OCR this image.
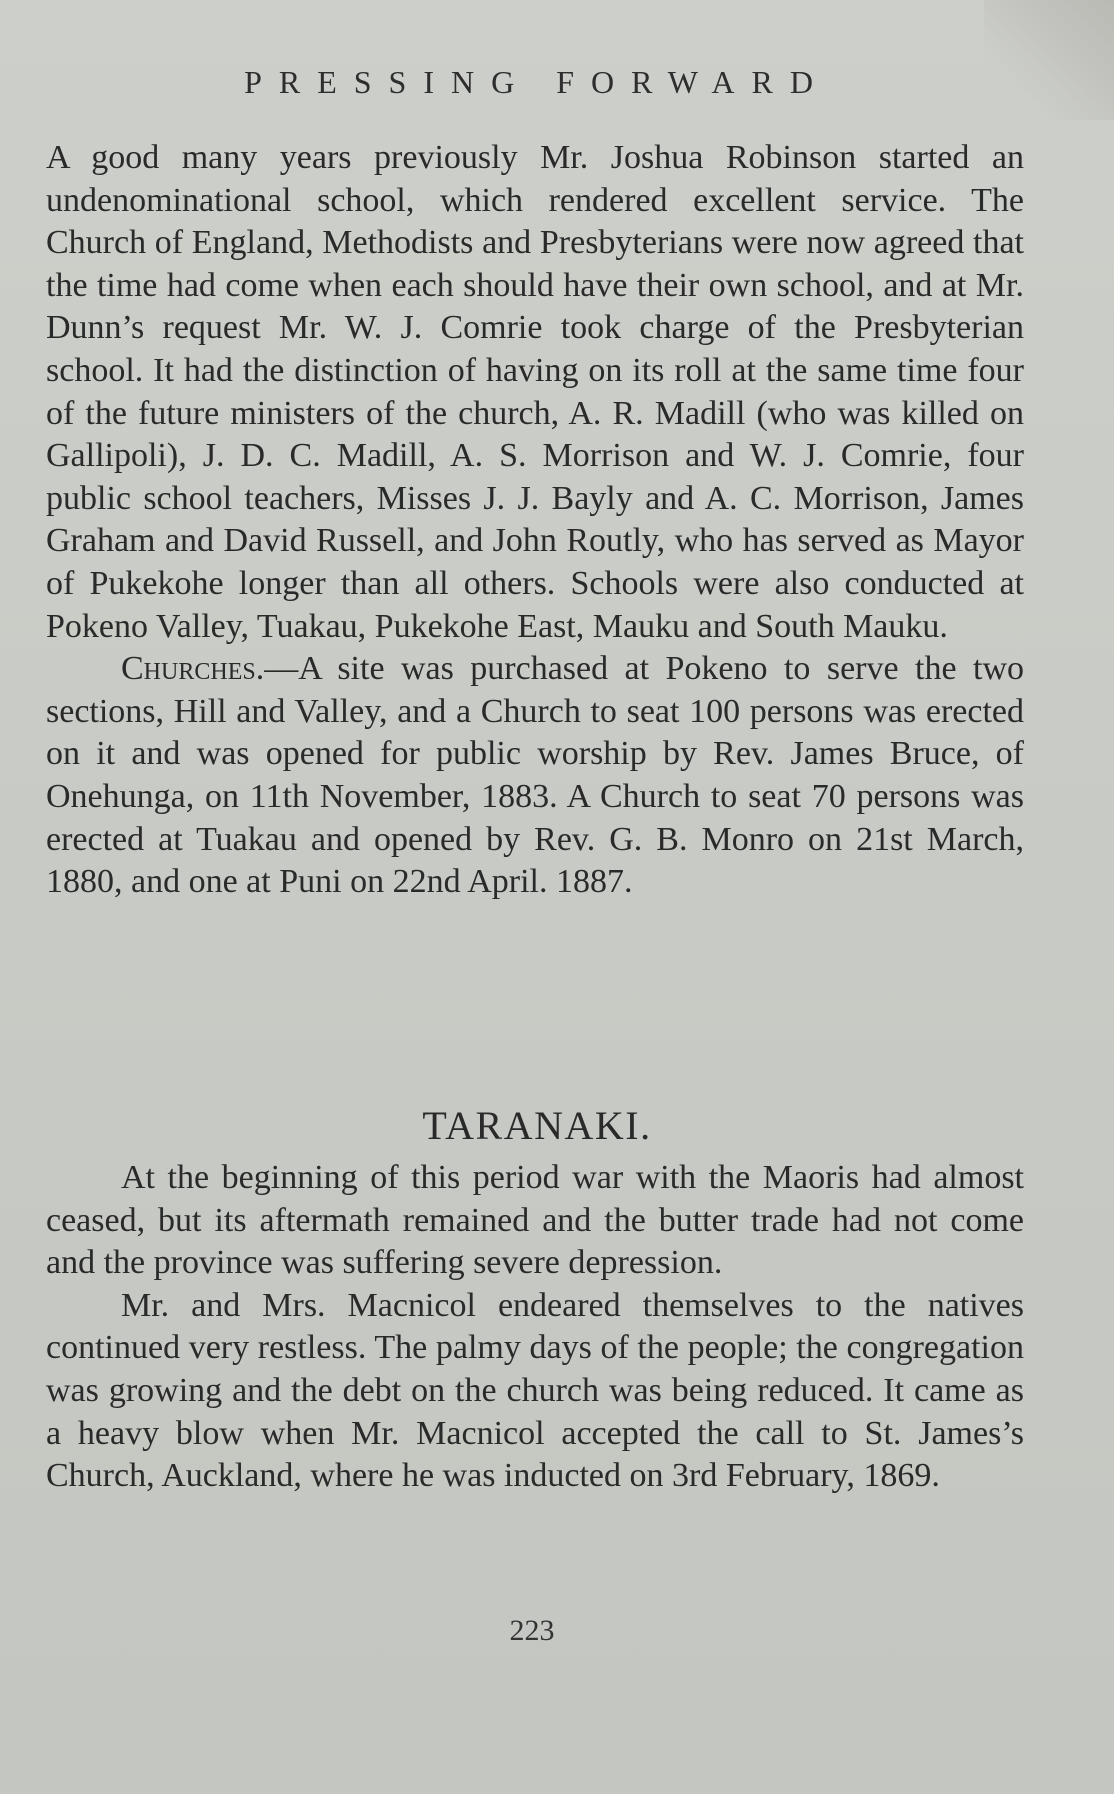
PRESSING FORWARD

A good many years previously Mr. Joshua Robinson started an undenominational school, which rendered excellent service. The Church of England, Methodists and Presbyterians were now agreed that the time had come when each should have their own school, and at Mr. Dunn’s request Mr. W. J. Comrie took charge of the Presbyterian school. It had the distinction of having on its roll at the same time four of the future ministers of the church, A. R. Madill (who was killed on Gallipoli), J. D. C. Madill, A. S. Morrison and W. J. Comrie, four public school teachers, Misses J. J. Bayly and A. C. Morrison, James Graham and David Russell, and John Routly, who has served as Mayor of Pukekohe longer than all others. Schools were also conducted at Pokeno Valley, Tuakau, Pukekohe East, Mauku and South Mauku.

Churches.—A site was purchased at Pokeno to serve the two sections, Hill and Valley, and a Church to seat 100 persons was erected on it and was opened for public worship by Rev. James Bruce, of Onehunga, on 11th November, 1883. A Church to seat 70 persons was erected at Tuakau and opened by Rev. G. B. Monro on 21st March, 1880, and one at Puni on 22nd April. 1887.

TARANAKI.

At the beginning of this period war with the Maoris had almost ceased, but its aftermath remained and the butter trade had not come and the province was suffering severe depression.

Mr. and Mrs. Macnicol endeared themselves to the natives continued very restless. The palmy days of the people; the congregation was growing and the debt on the church was being reduced. It came as a heavy blow when Mr. Macnicol accepted the call to St. James’s Church, Auckland, where he was inducted on 3rd February, 1869.

223
